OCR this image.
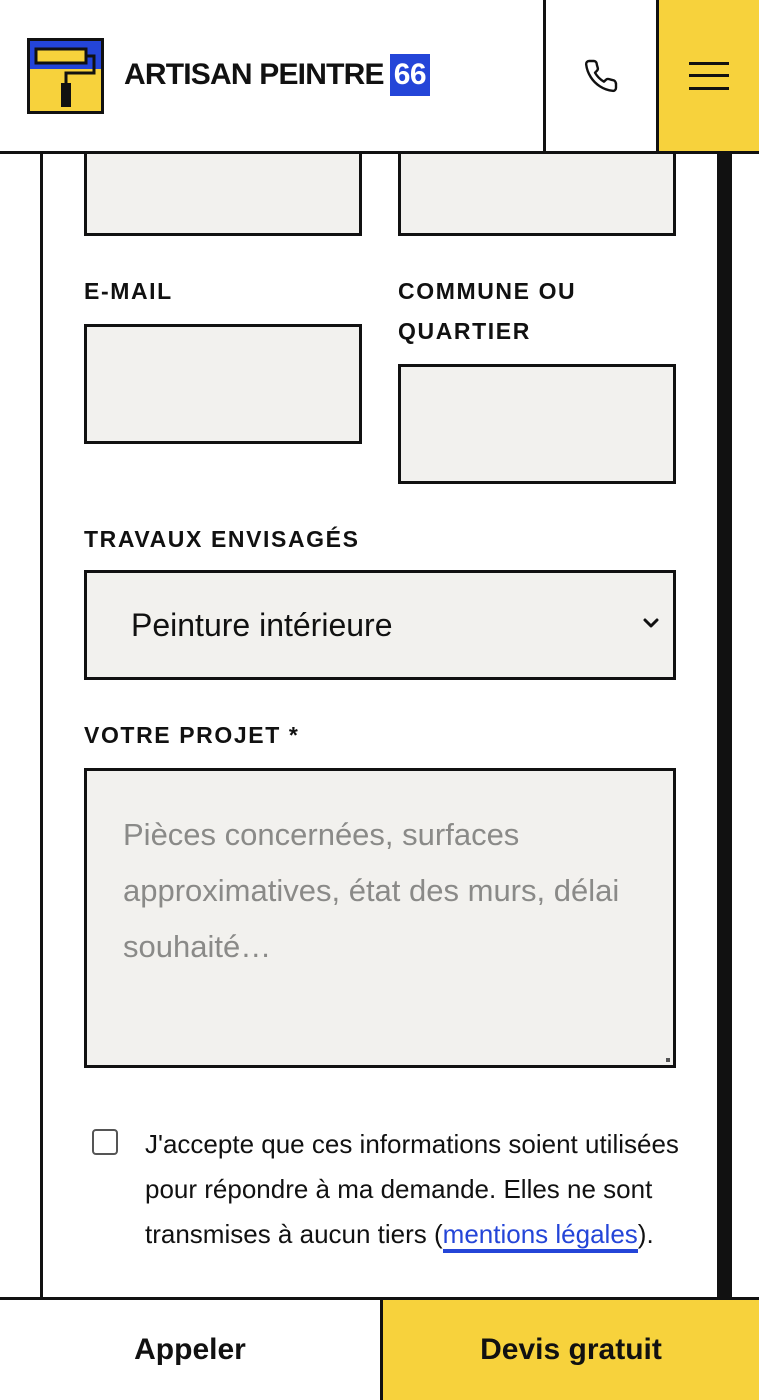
ARTISAN PEINTRE 66
E-MAIL	COMMUNE OU
QUARTIER
TRAVAUX ENVISAGÉS
Peinture intérieure
VOTRE PROJET *
Pièces concernées, surfaces approximatives, état des murs, délai souhaité…
J'accepte que ces informations soient utilisées pour répondre à ma demande. Elles ne sont transmises à aucun tiers (mentions légales).
Appeler	Devis gratuit
